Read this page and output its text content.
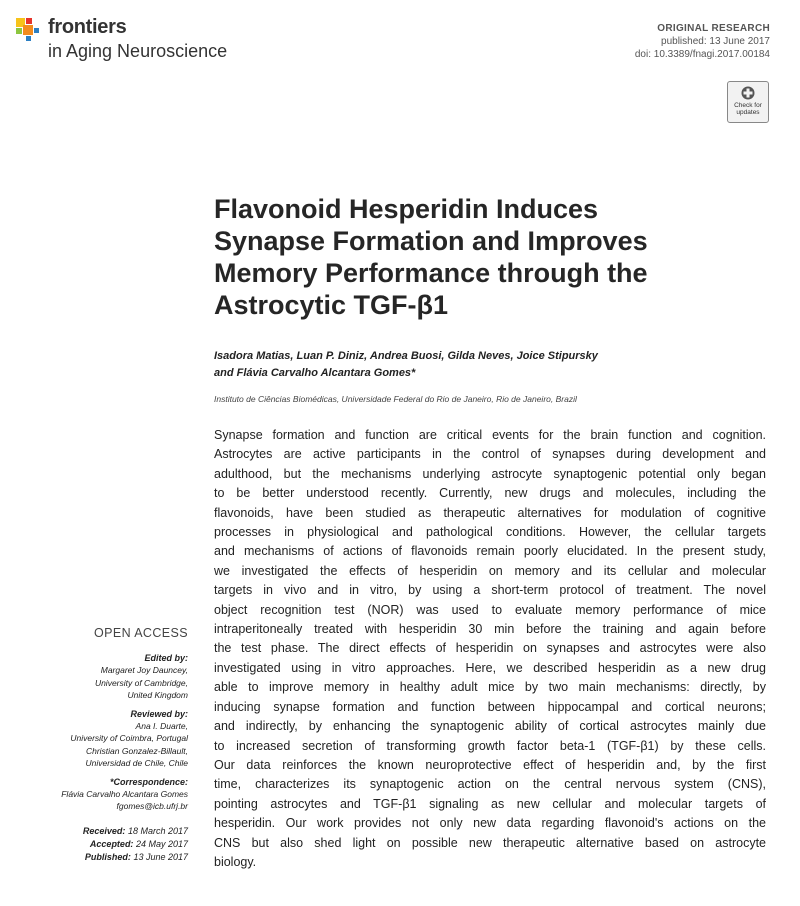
frontiers
in Aging Neuroscience
ORIGINAL RESEARCH
published: 13 June 2017
doi: 10.3389/fnagi.2017.00184
Check for
updates
Flavonoid Hesperidin Induces
Synapse Formation and Improves
Memory Performance through the
Astrocytic TGF-β1
Isadora Matias, Luan P. Diniz, Andrea Buosi, Gilda Neves, Joice Stipursky
and Flávia Carvalho Alcantara Gomes*
Instituto de Ciências Biomédicas, Universidade Federal do Rio de Janeiro, Rio de Janeiro, Brazil
Synapse formation and function are critical events for the brain function and cognition.
Astrocytes are active participants in the control of synapses during development and
adulthood, but the mechanisms underlying astrocyte synaptogenic potential only began
to be better understood recently. Currently, new drugs and molecules, including the
flavonoids, have been studied as therapeutic alternatives for modulation of cognitive
processes in physiological and pathological conditions. However, the cellular targets
and mechanisms of actions of flavonoids remain poorly elucidated. In the present study,
we investigated the effects of hesperidin on memory and its cellular and molecular
targets in vivo and in vitro, by using a short-term protocol of treatment. The novel
object recognition test (NOR) was used to evaluate memory performance of mice
intraperitoneally treated with hesperidin 30 min before the training and again before
the test phase. The direct effects of hesperidin on synapses and astrocytes were also
investigated using in vitro approaches. Here, we described hesperidin as a new drug
able to improve memory in healthy adult mice by two main mechanisms: directly, by
inducing synapse formation and function between hippocampal and cortical neurons;
and indirectly, by enhancing the synaptogenic ability of cortical astrocytes mainly due
to increased secretion of transforming growth factor beta-1 (TGF-β1) by these cells.
Our data reinforces the known neuroprotective effect of hesperidin and, by the first
time, characterizes its synaptogenic action on the central nervous system (CNS),
pointing astrocytes and TGF-β1 signaling as new cellular and molecular targets of
hesperidin. Our work provides not only new data regarding flavonoid's actions on the
CNS but also shed light on possible new therapeutic alternative based on astrocyte
biology.
OPEN ACCESS
Edited by:
Margaret Joy Dauncey,
University of Cambridge,
United Kingdom
Reviewed by:
Ana I. Duarte,
University of Coimbra, Portugal
Christian Gonzalez-Billault,
Universidad de Chile, Chile
*Correspondence:
Flávia Carvalho Alcantara Gomes
fgomes@icb.ufrj.br
Received: 18 March 2017
Accepted: 24 May 2017
Published: 13 June 2017
